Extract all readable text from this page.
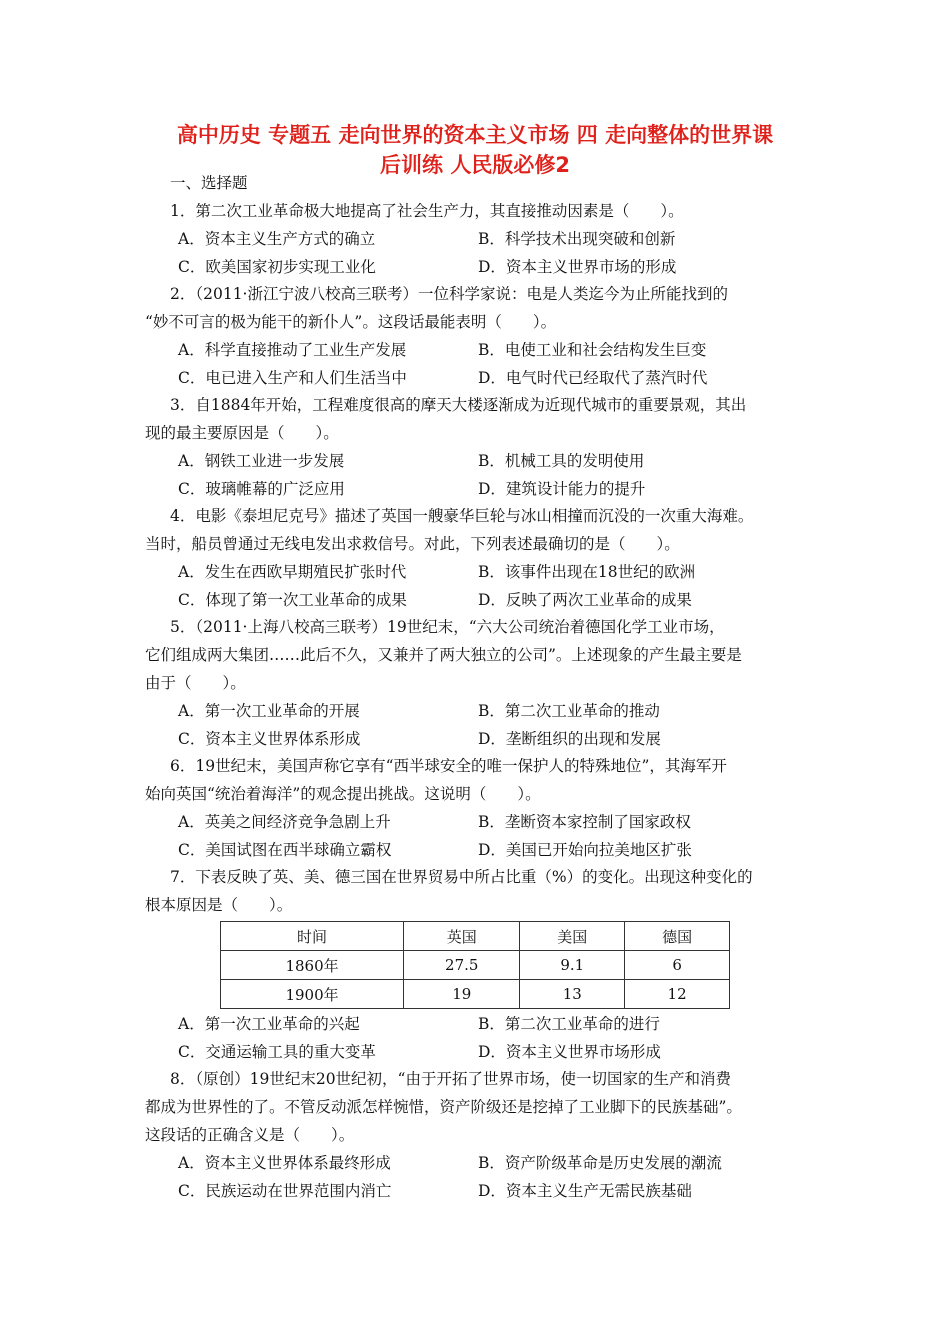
高中历史 专题五 走向世界的资本主义市场 四 走向整体的世界课
后训练 人民版必修2
一、选择题
1．第二次工业革命极大地提高了社会生产力，其直接推动因素是（　　）。
A．资本主义生产方式的确立	B．科学技术出现突破和创新
C．欧美国家初步实现工业化	D．资本主义世界市场的形成
2．（2011·浙江宁波八校高三联考）一位科学家说：电是人类迄今为止所能找到的
“妙不可言的极为能干的新仆人”。这段话最能表明（　　）。
A．科学直接推动了工业生产发展	B．电使工业和社会结构发生巨变
C．电已进入生产和人们生活当中	D．电气时代已经取代了蒸汽时代
3．自1884年开始，工程难度很高的摩天大楼逐渐成为近现代城市的重要景观，其出
现的最主要原因是（　　）。
A．钢铁工业进一步发展	B．机械工具的发明使用
C．玻璃帷幕的广泛应用	D．建筑设计能力的提升
4．电影《泰坦尼克号》描述了英国一艘豪华巨轮与冰山相撞而沉没的一次重大海难。
当时，船员曾通过无线电发出求救信号。对此，下列表述最确切的是（　　）。
A．发生在西欧早期殖民扩张时代	B．该事件出现在18世纪的欧洲
C．体现了第一次工业革命的成果	D．反映了两次工业革命的成果
5．（2011·上海八校高三联考）19世纪末，“六大公司统治着德国化学工业市场，
它们组成两大集团……此后不久，又兼并了两大独立的公司”。上述现象的产生最主要是
由于（　　）。
A．第一次工业革命的开展	B．第二次工业革命的推动
C．资本主义世界体系形成	D．垄断组织的出现和发展
6．19世纪末，美国声称它享有“西半球安全的唯一保护人的特殊地位”，其海军开
始向英国“统治着海洋”的观念提出挑战。这说明（　　）。
A．英美之间经济竞争急剧上升	B．垄断资本家控制了国家政权
C．美国试图在西半球确立霸权	D．美国已开始向拉美地区扩张
7．下表反映了英、美、德三国在世界贸易中所占比重（%）的变化。出现这种变化的
根本原因是（　　）。
时间	英国	美国	德国
1860年	27.5	9.1	6
1900年	19	13	12
A．第一次工业革命的兴起	B．第二次工业革命的进行
C．交通运输工具的重大变革	D．资本主义世界市场形成
8．（原创）19世纪末20世纪初，“由于开拓了世界市场，使一切国家的生产和消费
都成为世界性的了。不管反动派怎样惋惜，资产阶级还是挖掉了工业脚下的民族基础”。
这段话的正确含义是（　　）。
A．资本主义世界体系最终形成	B．资产阶级革命是历史发展的潮流
C．民族运动在世界范围内消亡	D．资本主义生产无需民族基础
